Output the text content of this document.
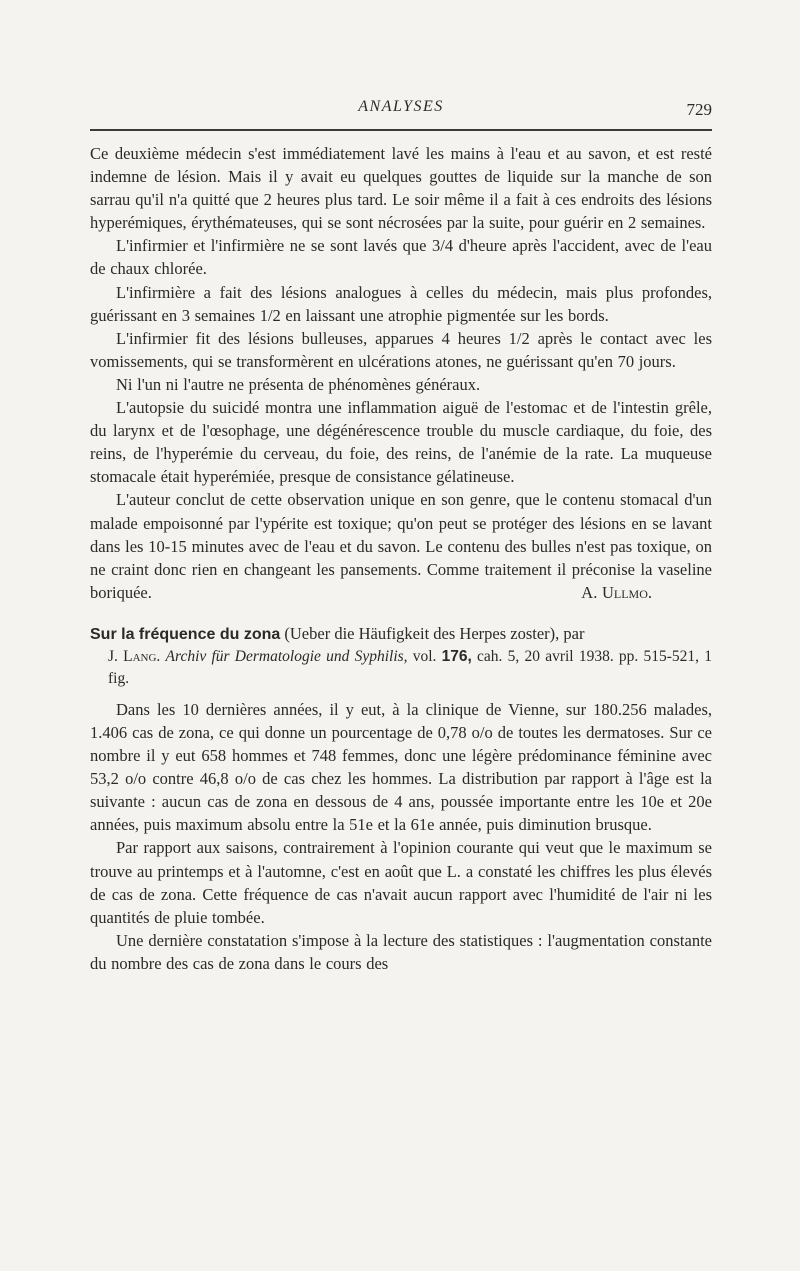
ANALYSES	729

Ce deuxième médecin s'est immédiatement lavé les mains à l'eau et au savon, et est resté indemne de lésion. Mais il y avait eu quelques gouttes de liquide sur la manche de son sarrau qu'il n'a quitté que 2 heures plus tard. Le soir même il a fait à ces endroits des lésions hyperémiques, érythémateuses, qui se sont nécrosées par la suite, pour guérir en 2 semaines.

L'infirmier et l'infirmière ne se sont lavés que 3/4 d'heure après l'accident, avec de l'eau de chaux chlorée.

L'infirmière a fait des lésions analogues à celles du médecin, mais plus profondes, guérissant en 3 semaines 1/2 en laissant une atrophie pigmentée sur les bords.

L'infirmier fit des lésions bulleuses, apparues 4 heures 1/2 après le contact avec les vomissements, qui se transformèrent en ulcérations atones, ne guérissant qu'en 70 jours.

Ni l'un ni l'autre ne présenta de phénomènes généraux.

L'autopsie du suicidé montra une inflammation aiguë de l'estomac et de l'intestin grêle, du larynx et de l'œsophage, une dégénérescence trouble du muscle cardiaque, du foie, des reins, de l'hyperémie du cerveau, du foie, des reins, de l'anémie de la rate. La muqueuse stomacale était hyperémiée, presque de consistance gélatineuse.

L'auteur conclut de cette observation unique en son genre, que le contenu stomacal d'un malade empoisonné par l'ypérite est toxique; qu'on peut se protéger des lésions en se lavant dans les 10-15 minutes avec de l'eau et du savon. Le contenu des bulles n'est pas toxique, on ne craint donc rien en changeant les pansements. Comme traitement il préconise la vaseline boriquée.	A. Ullmo.

Sur la fréquence du zona (Ueber die Häufigkeit des Herpes zoster), par
J. Lang. Archiv für Dermatologie und Syphilis, vol. 176, cah. 5, 20 avril 1938. pp. 515-521, 1 fig.

Dans les 10 dernières années, il y eut, à la clinique de Vienne, sur 180.256 malades, 1.406 cas de zona, ce qui donne un pourcentage de 0,78 o/o de toutes les dermatoses. Sur ce nombre il y eut 658 hommes et 748 femmes, donc une légère prédominance féminine avec 53,2 o/o contre 46,8 o/o de cas chez les hommes. La distribution par rapport à l'âge est la suivante : aucun cas de zona en dessous de 4 ans, poussée importante entre les 10e et 20e années, puis maximum absolu entre la 51e et la 61e année, puis diminution brusque.

Par rapport aux saisons, contrairement à l'opinion courante qui veut que le maximum se trouve au printemps et à l'automne, c'est en août que L. a constaté les chiffres les plus élevés de cas de zona. Cette fréquence de cas n'avait aucun rapport avec l'humidité de l'air ni les quantités de pluie tombée.

Une dernière constatation s'impose à la lecture des statistiques : l'augmentation constante du nombre des cas de zona dans le cours des
